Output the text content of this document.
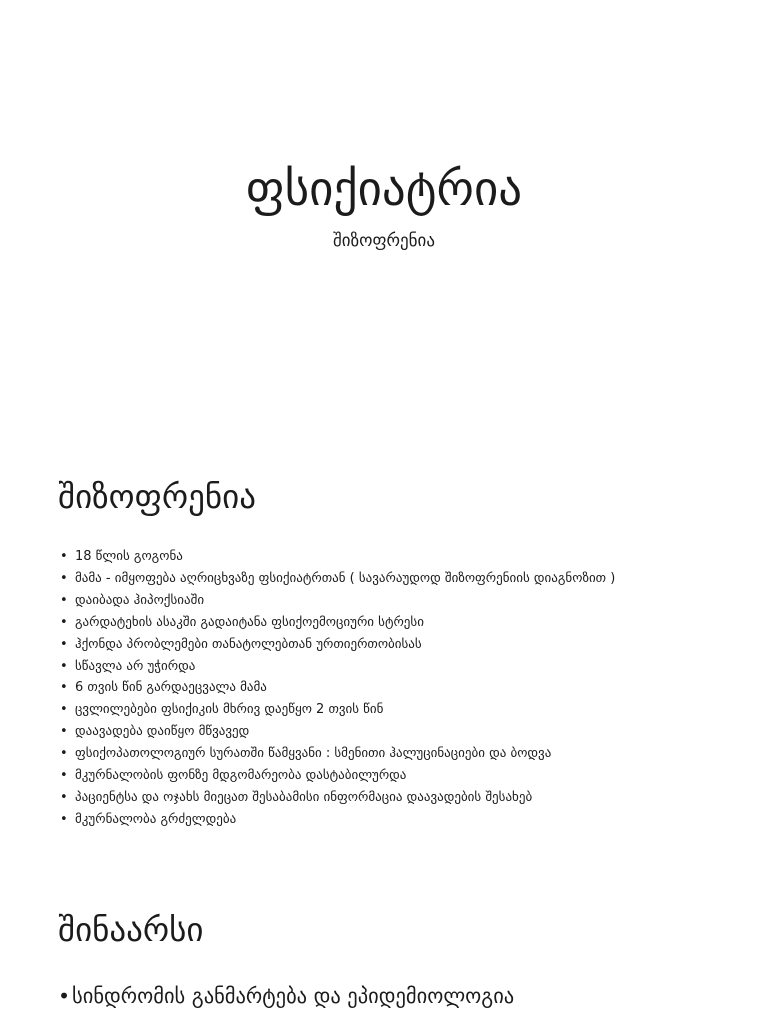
ფსიქიატრია
შიზოფრენია
შიზოფრენია
• 18 წლის გოგონა
• მამა - იმყოფება აღრიცხვაზე ფსიქიატრთან ( სავარაუდოდ შიზოფრენიის დიაგნოზით )
• დაიბადა ჰიპოქსიაში
• გარდატეხის ასაკში გადაიტანა ფსიქოემოციური სტრესი
• ჰქონდა პრობლემები თანატოლებთან ურთიერთობისას
• სწავლა არ უჭირდა
• 6 თვის წინ გარდაეცვალა მამა
• ცვლილებები ფსიქიკის მხრივ დაეწყო 2 თვის წინ
• დაავადება დაიწყო მწვავედ
• ფსიქოპათოლოგიურ სურათში წამყვანი : სმენითი ჰალუცინაციები და ბოდვა
• მკურნალობის ფონზე მდგომარეობა დასტაბილურდა
• პაციენტსა და ოჯახს მიეცათ შესაბამისი ინფორმაცია დაავადების შესახებ
• მკურნალობა გრძელდება
შინაარსი
•სინდრომის განმარტება და ეპიდემიოლოგია
